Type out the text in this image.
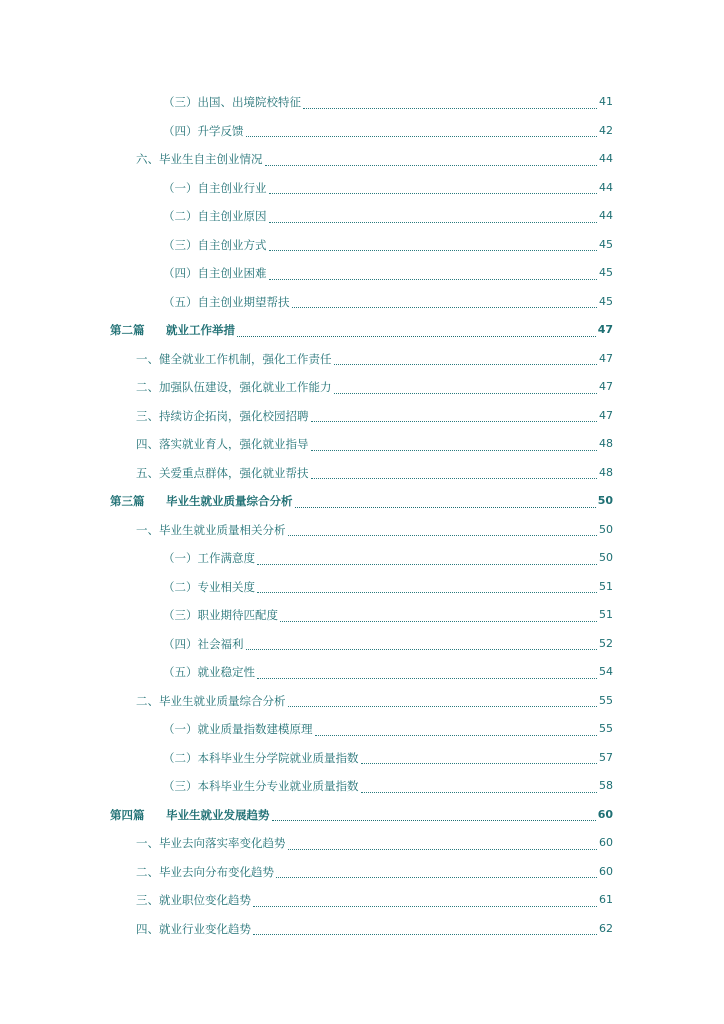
（三）出国、出境院校特征	41
（四）升学反馈	42
六、毕业生自主创业情况	44
（一）自主创业行业	44
（二）自主创业原因	44
（三）自主创业方式	45
（四）自主创业困难	45
（五）自主创业期望帮扶	45
第二篇 就业工作举措	47
一、健全就业工作机制，强化工作责任	47
二、加强队伍建设，强化就业工作能力	47
三、持续访企拓岗，强化校园招聘	47
四、落实就业育人，强化就业指导	48
五、关爱重点群体，强化就业帮扶	48
第三篇 毕业生就业质量综合分析	50
一、毕业生就业质量相关分析	50
（一）工作满意度	50
（二）专业相关度	51
（三）职业期待匹配度	51
（四）社会福利	52
（五）就业稳定性	54
二、毕业生就业质量综合分析	55
（一）就业质量指数建模原理	55
（二）本科毕业生分学院就业质量指数	57
（三）本科毕业生分专业就业质量指数	58
第四篇 毕业生就业发展趋势	60
一、毕业去向落实率变化趋势	60
二、毕业去向分布变化趋势	60
三、就业职位变化趋势	61
四、就业行业变化趋势	62
